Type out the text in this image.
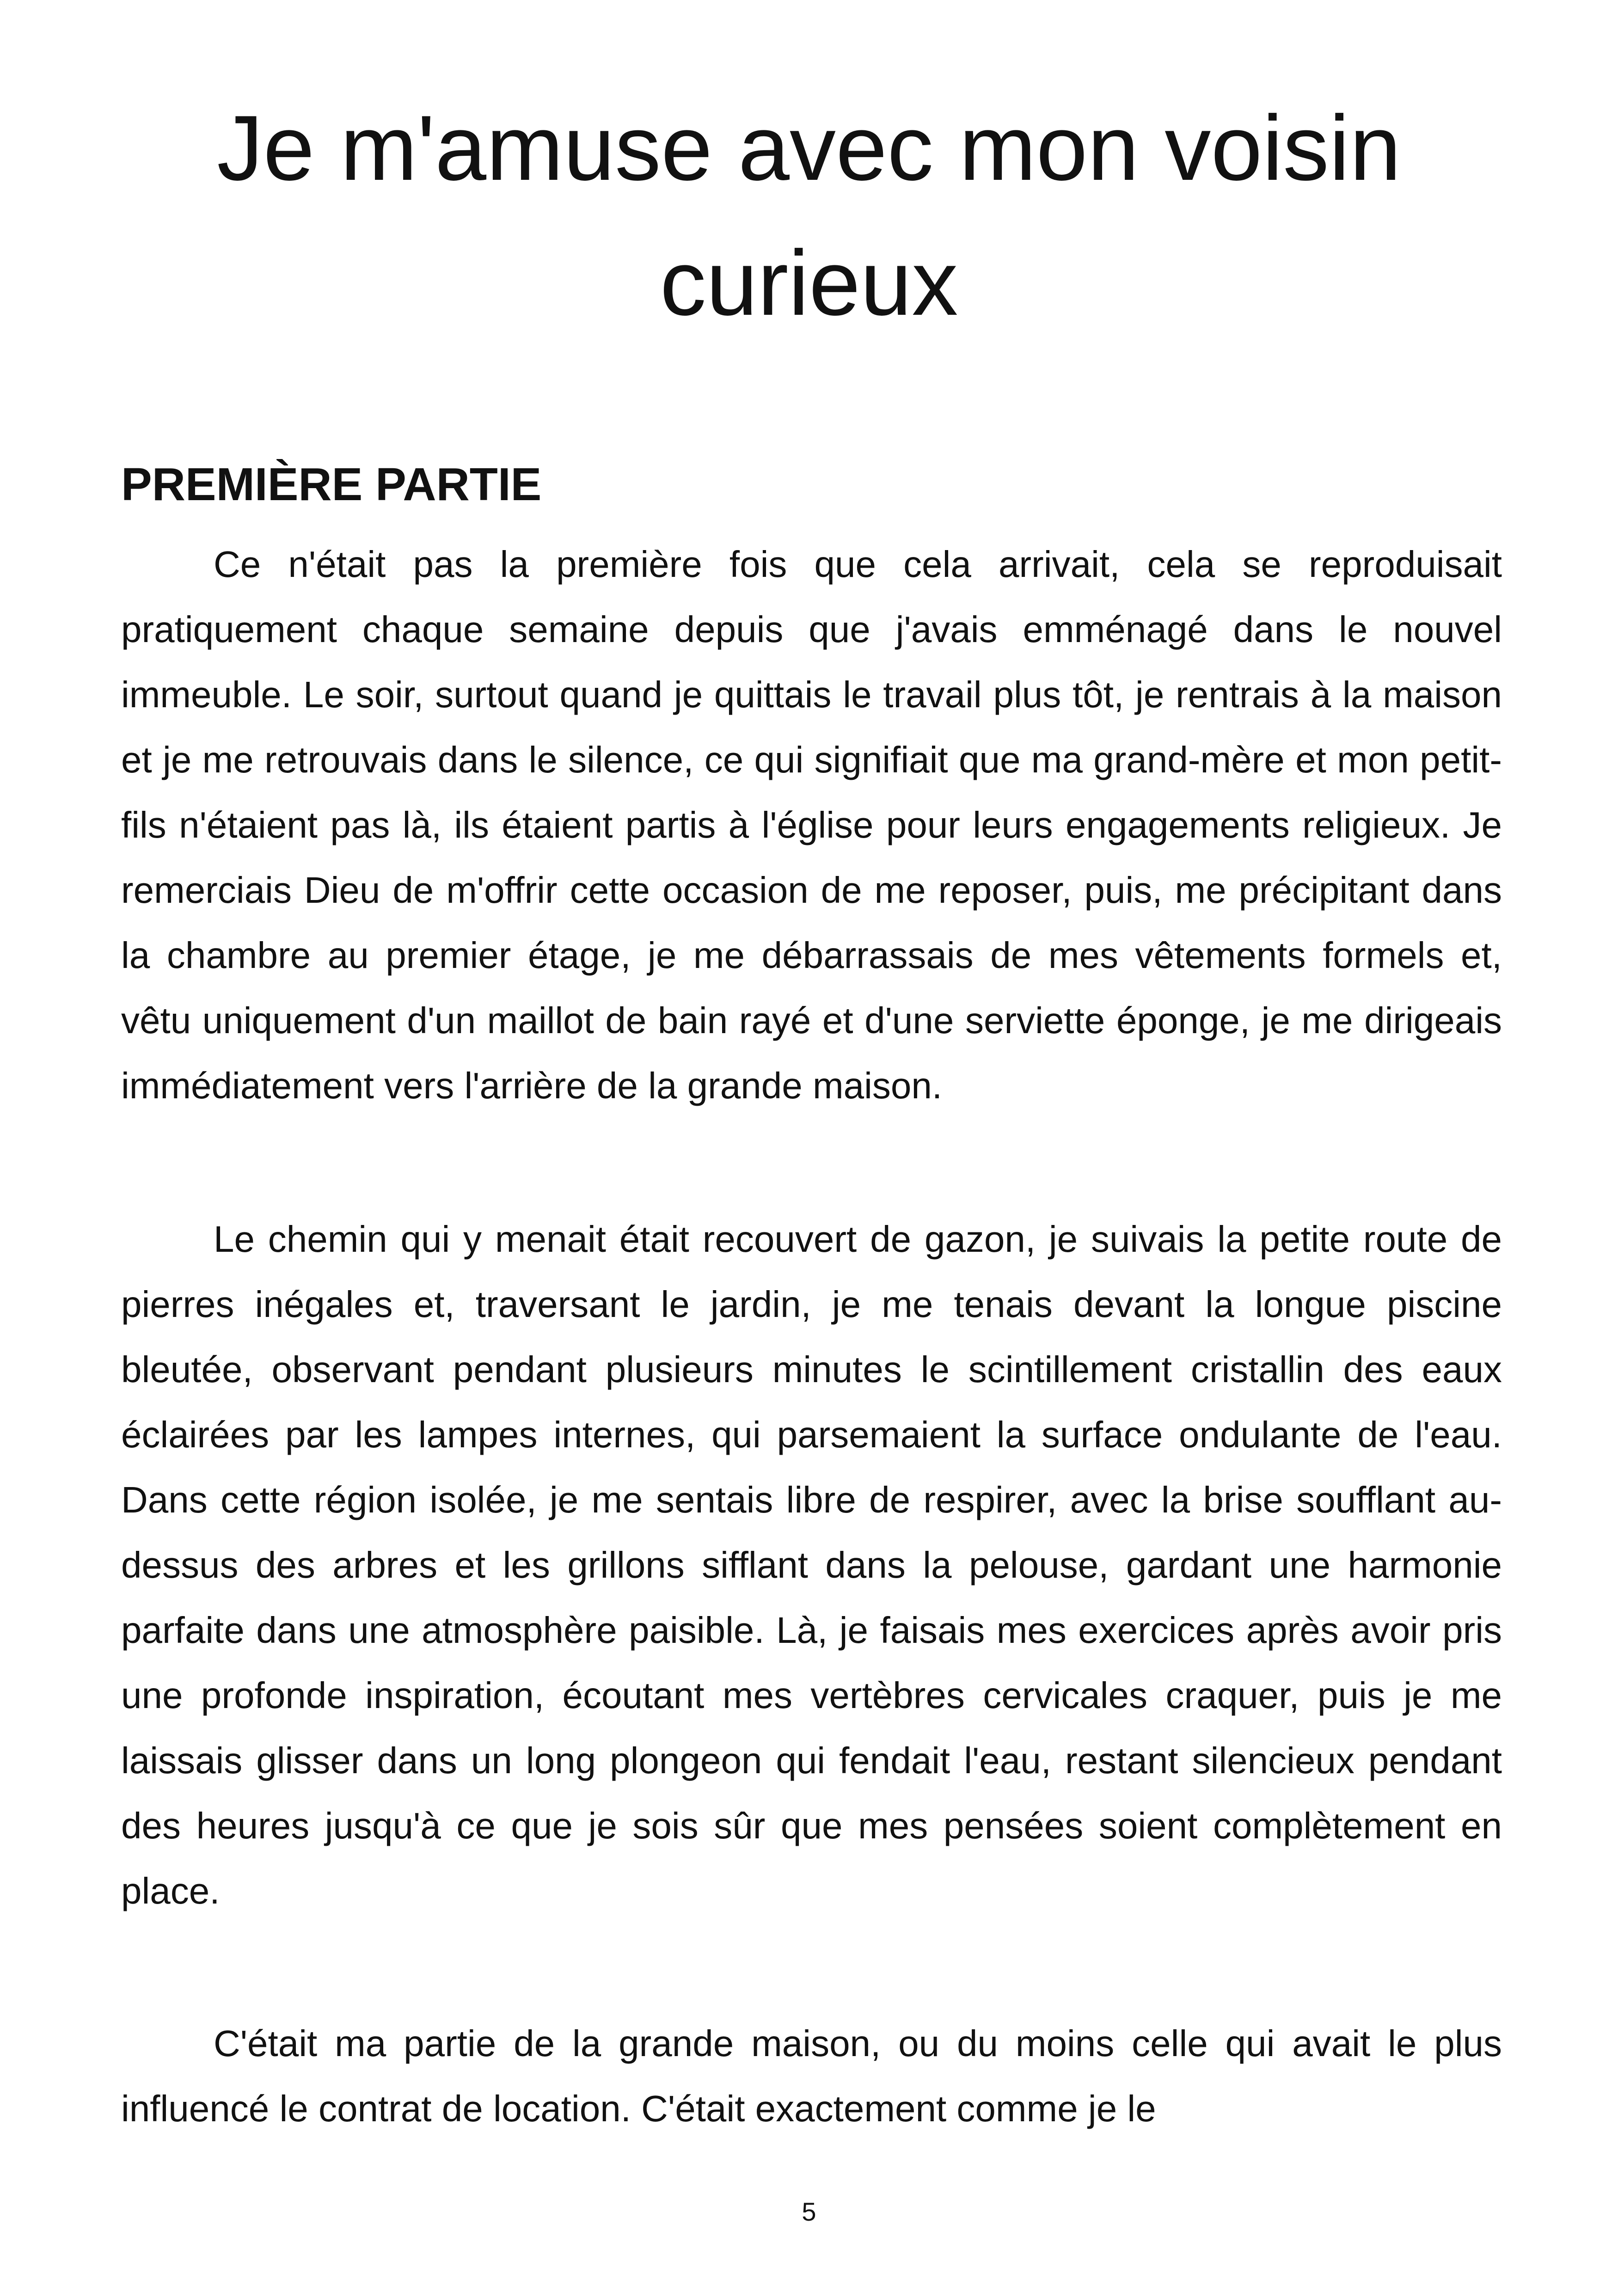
Je m'amuse avec mon voisin curieux
PREMIÈRE PARTIE

Ce n'était pas la première fois que cela arrivait, cela se reproduisait pratiquement chaque semaine depuis que j'avais emménagé dans le nouvel immeuble. Le soir, surtout quand je quittais le travail plus tôt, je rentrais à la maison et je me retrouvais dans le silence, ce qui signifiait que ma grand-mère et mon petit-fils n'étaient pas là, ils étaient partis à l'église pour leurs engagements religieux. Je remerciais Dieu de m'offrir cette occasion de me reposer, puis, me précipitant dans la chambre au premier étage, je me débarrassais de mes vêtements formels et, vêtu uniquement d'un maillot de bain rayé et d'une serviette éponge, je me dirigeais immédiatement vers l'arrière de la grande maison.

Le chemin qui y menait était recouvert de gazon, je suivais la petite route de pierres inégales et, traversant le jardin, je me tenais devant la longue piscine bleutée, observant pendant plusieurs minutes le scintillement cristallin des eaux éclairées par les lampes internes, qui parsemaient la surface ondulante de l'eau. Dans cette région isolée, je me sentais libre de respirer, avec la brise soufflant au-dessus des arbres et les grillons sifflant dans la pelouse, gardant une harmonie parfaite dans une atmosphère paisible. Là, je faisais mes exercices après avoir pris une profonde inspiration, écoutant mes vertèbres cervicales craquer, puis je me laissais glisser dans un long plongeon qui fendait l'eau, restant silencieux pendant des heures jusqu'à ce que je sois sûr que mes pensées soient complètement en place.

C'était ma partie de la grande maison, ou du moins celle qui avait le plus influencé le contrat de location. C'était exactement comme je le

5
